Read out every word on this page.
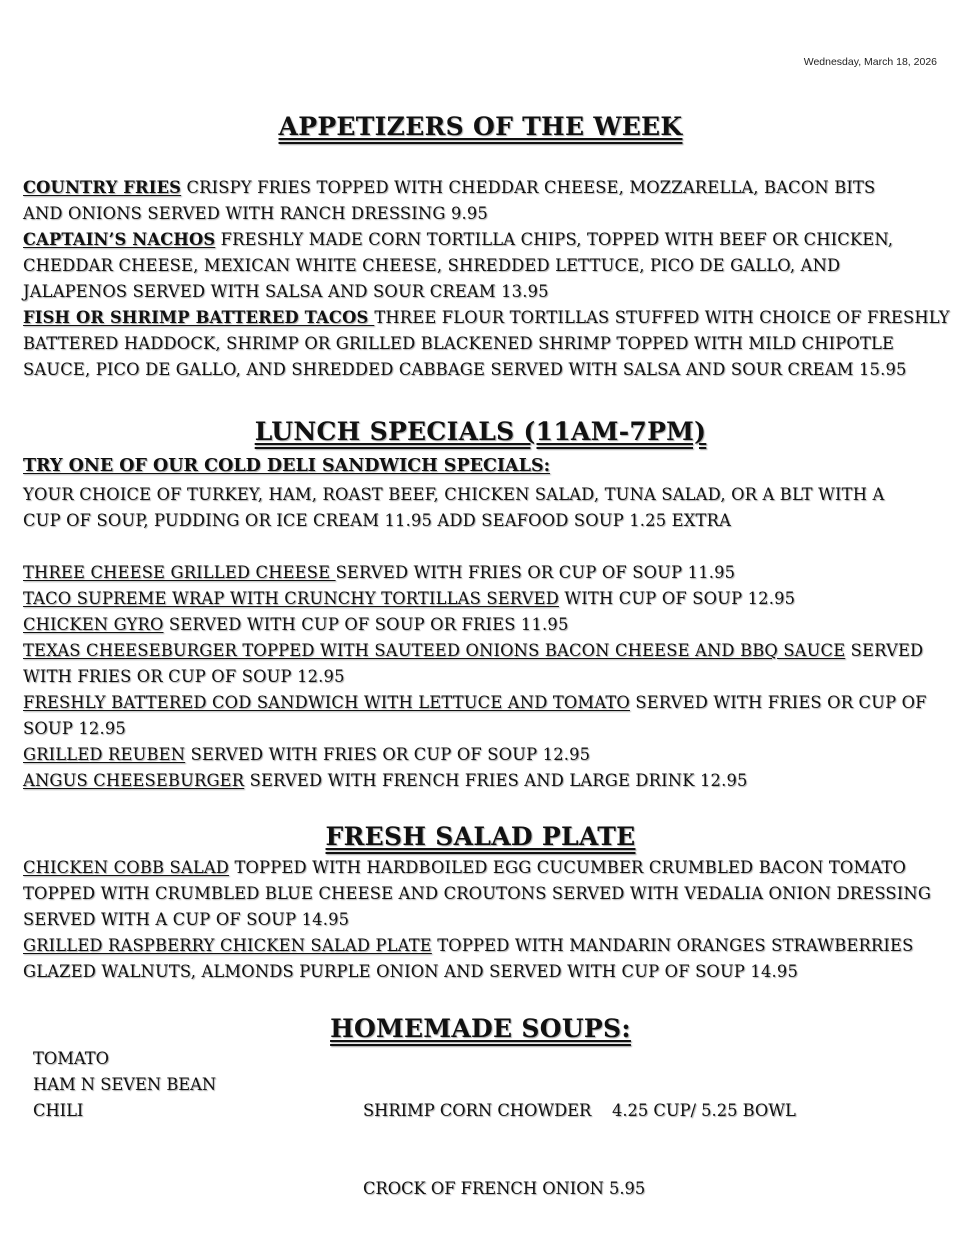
Wednesday, March 18, 2026
APPETIZERS OF THE WEEK
COUNTRY FRIES CRISPY FRIES TOPPED WITH CHEDDAR CHEESE, MOZZARELLA, BACON BITS
AND ONIONS SERVED WITH RANCH DRESSING 9.95
CAPTAIN’S NACHOS FRESHLY MADE CORN TORTILLA CHIPS, TOPPED WITH BEEF OR CHICKEN,
CHEDDAR CHEESE, MEXICAN WHITE CHEESE, SHREDDED LETTUCE, PICO DE GALLO, AND
JALAPENOS SERVED WITH SALSA AND SOUR CREAM 13.95
FISH OR SHRIMP BATTERED TACOS THREE FLOUR TORTILLAS STUFFED WITH CHOICE OF FRESHLY
BATTERED HADDOCK, SHRIMP OR GRILLED BLACKENED SHRIMP TOPPED WITH MILD CHIPOTLE
SAUCE, PICO DE GALLO, AND SHREDDED CABBAGE SERVED WITH SALSA AND SOUR CREAM 15.95
LUNCH SPECIALS (11AM-7PM)
TRY ONE OF OUR COLD DELI SANDWICH SPECIALS:
YOUR CHOICE OF TURKEY, HAM, ROAST BEEF, CHICKEN SALAD, TUNA SALAD, OR A BLT WITH A
CUP OF SOUP, PUDDING OR ICE CREAM 11.95 ADD SEAFOOD SOUP 1.25 EXTRA
THREE CHEESE GRILLED CHEESE SERVED WITH FRIES OR CUP OF SOUP 11.95
TACO SUPREME WRAP WITH CRUNCHY TORTILLAS SERVED WITH CUP OF SOUP 12.95
CHICKEN GYRO SERVED WITH CUP OF SOUP OR FRIES 11.95
TEXAS CHEESEBURGER TOPPED WITH SAUTEED ONIONS BACON CHEESE AND BBQ SAUCE SERVED
WITH FRIES OR CUP OF SOUP 12.95
FRESHLY BATTERED COD SANDWICH WITH LETTUCE AND TOMATO SERVED WITH FRIES OR CUP OF
SOUP 12.95
GRILLED REUBEN SERVED WITH FRIES OR CUP OF SOUP 12.95
ANGUS CHEESEBURGER SERVED WITH FRENCH FRIES AND LARGE DRINK 12.95
FRESH SALAD PLATE
CHICKEN COBB SALAD TOPPED WITH HARDBOILED EGG CUCUMBER CRUMBLED BACON TOMATO
TOPPED WITH CRUMBLED BLUE CHEESE AND CROUTONS SERVED WITH VEDALIA ONION DRESSING
SERVED WITH A CUP OF SOUP 14.95
GRILLED RASPBERRY CHICKEN SALAD PLATE TOPPED WITH MANDARIN ORANGES STRAWBERRIES
GLAZED WALNUTS, ALMONDS PURPLE ONION AND SERVED WITH CUP OF SOUP 14.95
HOMEMADE SOUPS:
TOMATO
HAM N SEVEN BEAN
CHILI

	SHRIMP CORN CHOWDER    4.25 CUP/ 5.25 BOWL

CROCK OF FRENCH ONION 5.95
